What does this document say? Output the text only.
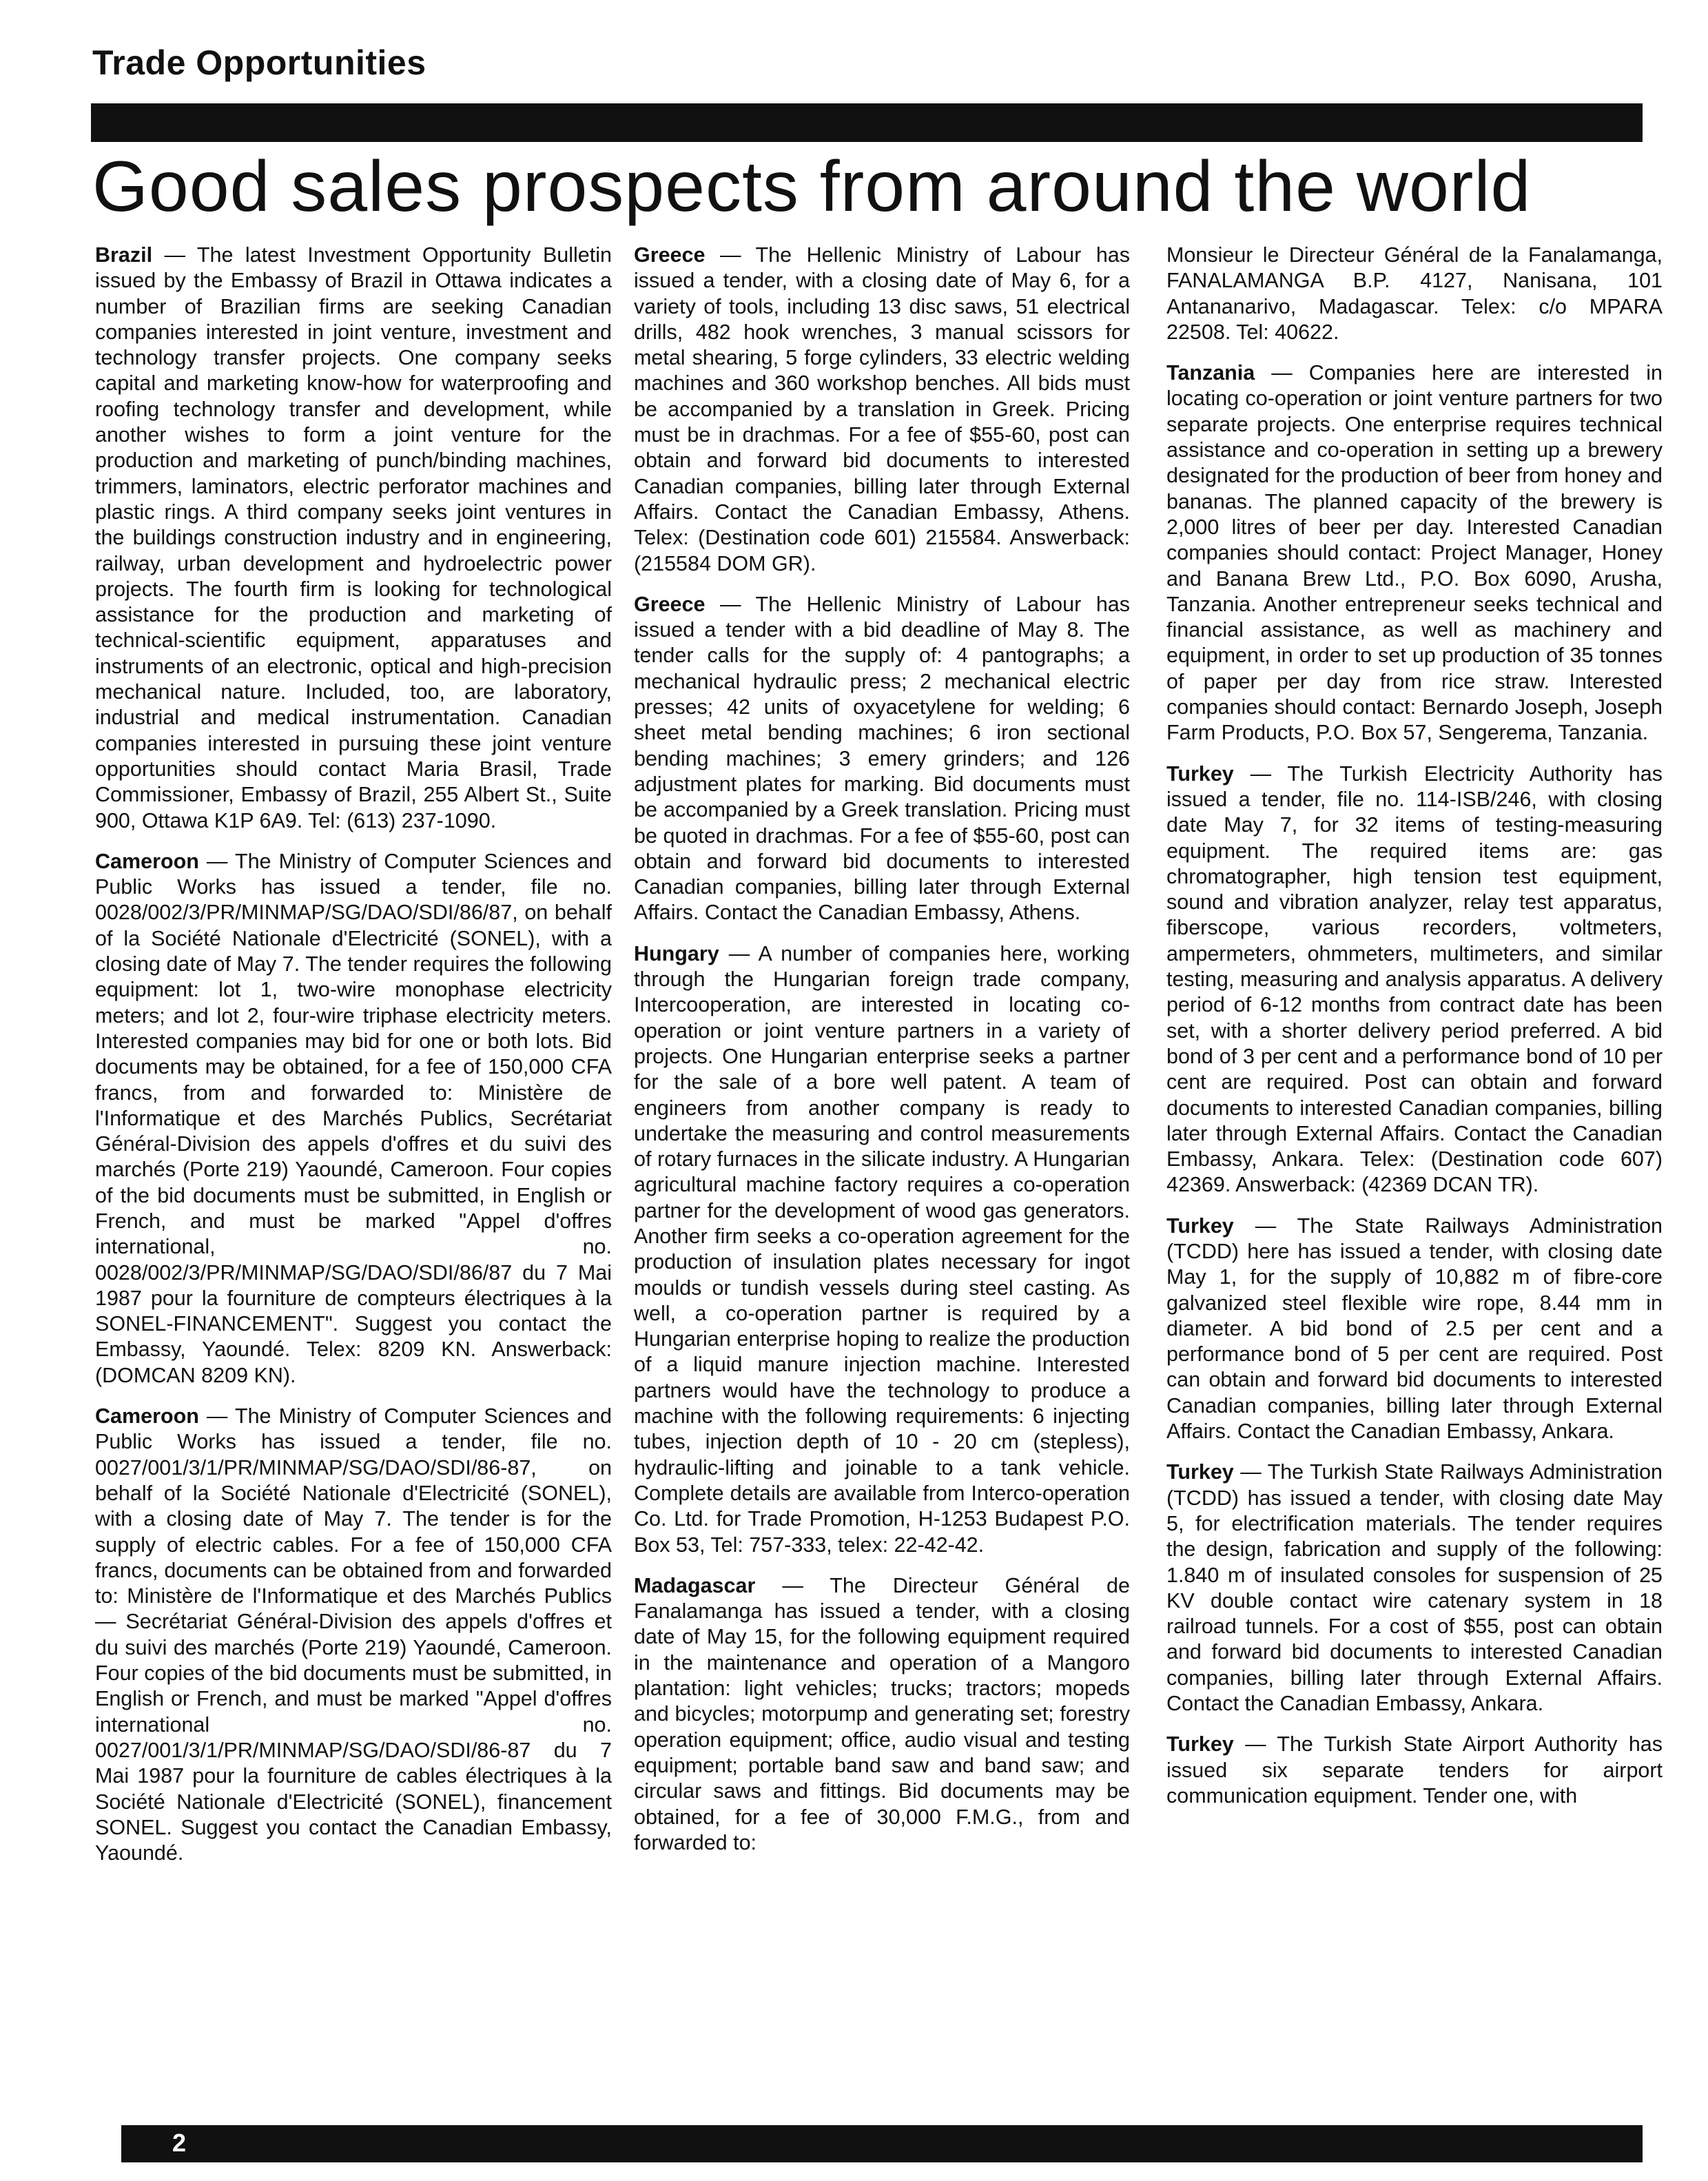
Trade Opportunities
Good sales prospects from around the world

Brazil — The latest Investment Opportunity Bulletin issued by the Embassy of Brazil in Ottawa indicates a number of Brazilian firms are seeking Canadian companies interested in joint venture, investment and technology transfer projects. One company seeks capital and marketing know-how for waterproofing and roofing technology transfer and development, while another wishes to form a joint venture for the production and marketing of punch/binding machines, trimmers, laminators, electric perforator machines and plastic rings. A third company seeks joint ventures in the buildings construction industry and in engineering, railway, urban development and hydroelectric power projects. The fourth firm is looking for technological assistance for the production and marketing of technical-scientific equipment, apparatuses and instruments of an electronic, optical and high-precision mechanical nature. Included, too, are laboratory, industrial and medical instrumentation. Canadian companies interested in pursuing these joint venture opportunities should contact Maria Brasil, Trade Commissioner, Embassy of Brazil, 255 Albert St., Suite 900, Ottawa K1P 6A9. Tel: (613) 237-1090.

Cameroon — The Ministry of Computer Sciences and Public Works has issued a tender, file no. 0028/002/3/PR/MINMAP/SG/DAO/SDI/86/87, on behalf of la Société Nationale d'Electricité (SONEL), with a closing date of May 7. The tender requires the following equipment: lot 1, two-wire monophase electricity meters; and lot 2, four-wire triphase electricity meters. Interested companies may bid for one or both lots. Bid documents may be obtained, for a fee of 150,000 CFA francs, from and forwarded to: Ministère de l'Informatique et des Marchés Publics, Secrétariat Général-Division des appels d'offres et du suivi des marchés (Porte 219) Yaoundé, Cameroon. Four copies of the bid documents must be submitted, in English or French, and must be marked "Appel d'offres international, no. 0028/002/3/PR/MINMAP/SG/DAO/SDI/86/87 du 7 Mai 1987 pour la fourniture de compteurs électriques à la SONEL-FINANCEMENT". Suggest you contact the Embassy, Yaoundé. Telex: 8209 KN. Answerback: (DOMCAN 8209 KN).

Cameroon — The Ministry of Computer Sciences and Public Works has issued a tender, file no. 0027/001/3/1/PR/MINMAP/SG/DAO/SDI/86-87, on behalf of la Société Nationale d'Electricité (SONEL), with a closing date of May 7. The tender is for the supply of electric cables. For a fee of 150,000 CFA francs, documents can be obtained from and forwarded to: Ministère de l'Informatique et des Marchés Publics — Secrétariat Général-Division des appels d'offres et du suivi des marchés (Porte 219) Yaoundé, Cameroon. Four copies of the bid documents must be submitted, in English or French, and must be marked "Appel d'offres international no. 0027/001/3/1/PR/MINMAP/SG/DAO/SDI/86-87 du 7 Mai 1987 pour la fourniture de cables électriques à la Société Nationale d'Electricité (SONEL), financement SONEL. Suggest you contact the Canadian Embassy, Yaoundé.

Greece — The Hellenic Ministry of Labour has issued a tender, with a closing date of May 6, for a variety of tools, including 13 disc saws, 51 electrical drills, 482 hook wrenches, 3 manual scissors for metal shearing, 5 forge cylinders, 33 electric welding machines and 360 workshop benches. All bids must be accompanied by a translation in Greek. Pricing must be in drachmas. For a fee of $55-60, post can obtain and forward bid documents to interested Canadian companies, billing later through External Affairs. Contact the Canadian Embassy, Athens. Telex: (Destination code 601) 215584. Answerback: (215584 DOM GR).

Greece — The Hellenic Ministry of Labour has issued a tender with a bid deadline of May 8. The tender calls for the supply of: 4 pantographs; a mechanical hydraulic press; 2 mechanical electric presses; 42 units of oxyacetylene for welding; 6 sheet metal bending machines; 6 iron sectional bending machines; 3 emery grinders; and 126 adjustment plates for marking. Bid documents must be accompanied by a Greek translation. Pricing must be quoted in drachmas. For a fee of $55-60, post can obtain and forward bid documents to interested Canadian companies, billing later through External Affairs. Contact the Canadian Embassy, Athens.

Hungary — A number of companies here, working through the Hungarian foreign trade company, Intercooperation, are interested in locating co-operation or joint venture partners in a variety of projects. One Hungarian enterprise seeks a partner for the sale of a bore well patent. A team of engineers from another company is ready to undertake the measuring and control measurements of rotary furnaces in the silicate industry. A Hungarian agricultural machine factory requires a co-operation partner for the development of wood gas generators. Another firm seeks a co-operation agreement for the production of insulation plates necessary for ingot moulds or tundish vessels during steel casting. As well, a co-operation partner is required by a Hungarian enterprise hoping to realize the production of a liquid manure injection machine. Interested partners would have the technology to produce a machine with the following requirements: 6 injecting tubes, injection depth of 10 - 20 cm (stepless), hydraulic-lifting and joinable to a tank vehicle. Complete details are available from Interco-operation Co. Ltd. for Trade Promotion, H-1253 Budapest P.O. Box 53, Tel: 757-333, telex: 22-42-42.

Madagascar — The Directeur Général de Fanalamanga has issued a tender, with a closing date of May 15, for the following equipment required in the maintenance and operation of a Mangoro plantation: light vehicles; trucks; tractors; mopeds and bicycles; motorpump and generating set; forestry operation equipment; office, audio visual and testing equipment; portable band saw and band saw; and circular saws and fittings. Bid documents may be obtained, for a fee of 30,000 F.M.G., from and forwarded to:

Monsieur le Directeur Général de la Fanalamanga, FANALAMANGA B.P. 4127, Nanisana, 101 Antananarivo, Madagascar. Telex: c/o MPARA 22508. Tel: 40622.

Tanzania — Companies here are interested in locating co-operation or joint venture partners for two separate projects. One enterprise requires technical assistance and co-operation in setting up a brewery designated for the production of beer from honey and bananas. The planned capacity of the brewery is 2,000 litres of beer per day. Interested Canadian companies should contact: Project Manager, Honey and Banana Brew Ltd., P.O. Box 6090, Arusha, Tanzania. Another entrepreneur seeks technical and financial assistance, as well as machinery and equipment, in order to set up production of 35 tonnes of paper per day from rice straw. Interested companies should contact: Bernardo Joseph, Joseph Farm Products, P.O. Box 57, Sengerema, Tanzania.

Turkey — The Turkish Electricity Authority has issued a tender, file no. 114-ISB/246, with closing date May 7, for 32 items of testing-measuring equipment. The required items are: gas chromatographer, high tension test equipment, sound and vibration analyzer, relay test apparatus, fiberscope, various recorders, voltmeters, ampermeters, ohmmeters, multimeters, and similar testing, measuring and analysis apparatus. A delivery period of 6-12 months from contract date has been set, with a shorter delivery period preferred. A bid bond of 3 per cent and a performance bond of 10 per cent are required. Post can obtain and forward documents to interested Canadian companies, billing later through External Affairs. Contact the Canadian Embassy, Ankara. Telex: (Destination code 607) 42369. Answerback: (42369 DCAN TR).

Turkey — The State Railways Administration (TCDD) here has issued a tender, with closing date May 1, for the supply of 10,882 m of fibre-core galvanized steel flexible wire rope, 8.44 mm in diameter. A bid bond of 2.5 per cent and a performance bond of 5 per cent are required. Post can obtain and forward bid documents to interested Canadian companies, billing later through External Affairs. Contact the Canadian Embassy, Ankara.

Turkey — The Turkish State Railways Administration (TCDD) has issued a tender, with closing date May 5, for electrification materials. The tender requires the design, fabrication and supply of the following: 1.840 m of insulated consoles for suspension of 25 KV double contact wire catenary system in 18 railroad tunnels. For a cost of $55, post can obtain and forward bid documents to interested Canadian companies, billing later through External Affairs. Contact the Canadian Embassy, Ankara.

Turkey — The Turkish State Airport Authority has issued six separate tenders for airport communication equipment. Tender one, with

2
